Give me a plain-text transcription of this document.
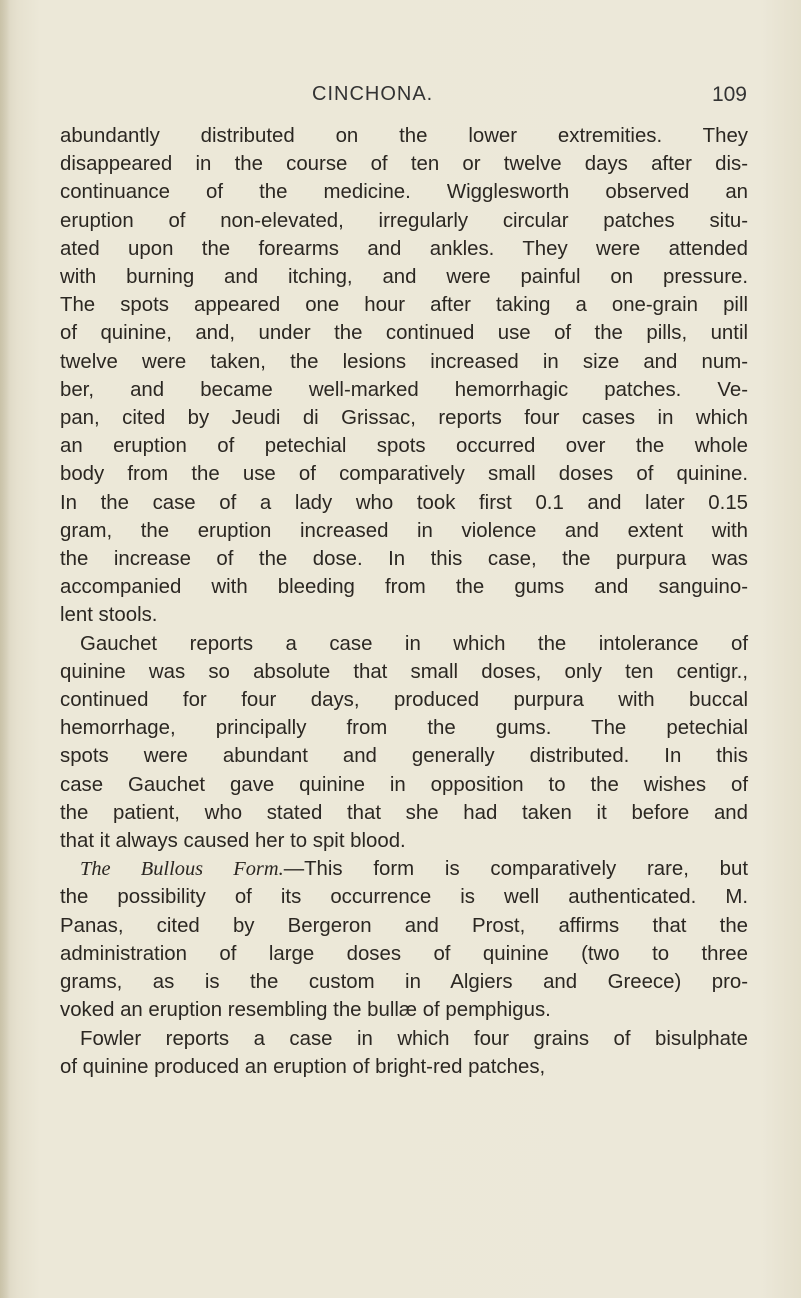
CINCHONA.	109

abundantly distributed on the lower extremities. They
disappeared in the course of ten or twelve days after dis-
continuance of the medicine. Wigglesworth observed an
eruption of non-elevated, irregularly circular patches situ-
ated upon the forearms and ankles. They were attended
with burning and itching, and were painful on pressure.
The spots appeared one hour after taking a one-grain pill
of quinine, and, under the continued use of the pills, until
twelve were taken, the lesions increased in size and num-
ber, and became well-marked hemorrhagic patches. Ve-
pan, cited by Jeudi di Grissac, reports four cases in which
an eruption of petechial spots occurred over the whole
body from the use of comparatively small doses of quinine.
In the case of a lady who took first 0.1 and later 0.15
gram, the eruption increased in violence and extent with
the increase of the dose. In this case, the purpura was
accompanied with bleeding from the gums and sanguino-
lent stools.

Gauchet reports a case in which the intolerance of
quinine was so absolute that small doses, only ten centigr.,
continued for four days, produced purpura with buccal
hemorrhage, principally from the gums. The petechial
spots were abundant and generally distributed. In this
case Gauchet gave quinine in opposition to the wishes of
the patient, who stated that she had taken it before and
that it always caused her to spit blood.

The Bullous Form.—This form is comparatively rare, but
the possibility of its occurrence is well authenticated. M.
Panas, cited by Bergeron and Prost, affirms that the
administration of large doses of quinine (two to three
grams, as is the custom in Algiers and Greece) pro-
voked an eruption resembling the bullæ of pemphigus.

Fowler reports a case in which four grains of bisulphate
of quinine produced an eruption of bright-red patches,
